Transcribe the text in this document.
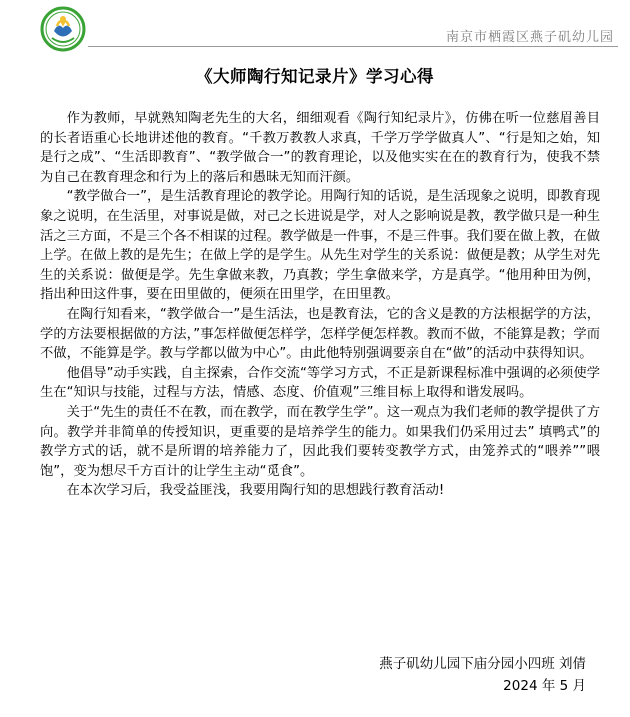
南京市栖霞区燕子矶幼儿园
《大师陶行知记录片》学习心得

作为教师，早就熟知陶老先生的大名，细细观看《陶行知纪录片》，仿佛在听一位慈眉善目的长者语重心长地讲述他的教育。“千教万教教人求真，千学万学学做真人”、“行是知之始，知是行之成”、“生活即教育”、“教学做合一”的教育理论，以及他实实在在的教育行为，使我不禁为自己在教育理念和行为上的落后和愚昧无知而汗颜。

“教学做合一”，是生活教育理论的教学论。用陶行知的话说，是生活现象之说明，即教育现象之说明，在生活里，对事说是做，对己之长进说是学，对人之影响说是教，教学做只是一种生活之三方面，不是三个各不相谋的过程。教学做是一件事，不是三件事。我们要在做上教，在做上学。在做上教的是先生；在做上学的是学生。从先生对学生的关系说：做便是教；从学生对先生的关系说：做便是学。先生拿做来教，乃真教；学生拿做来学，方是真学。“他用种田为例，指出种田这件事，要在田里做的，便须在田里学，在田里教。

在陶行知看来，“教学做合一”是生活法，也是教育法，它的含义是教的方法根据学的方法，学的方法要根据做的方法，”事怎样做便怎样学，怎样学便怎样教。教而不做，不能算是教；学而不做，不能算是学。教与学都以做为中心”。由此他特别强调要亲自在“做”的活动中获得知识。

他倡导”动手实践，自主探索，合作交流“等学习方式，不正是新课程标准中强调的必须使学生在“知识与技能，过程与方法，情感、态度、价值观”三维目标上取得和谐发展吗。

关于“先生的责任不在教，而在教学，而在教学生学”。这一观点为我们老师的教学提供了方向。教学并非简单的传授知识，更重要的是培养学生的能力。如果我们仍采用过去” 填鸭式”的教学方式的话，就不是所谓的培养能力了，因此我们要转变教学方式，由笼养式的“喂养””喂饱”，变为想尽千方百计的让学生主动“觅食”。

在本次学习后，我受益匪浅，我要用陶行知的思想践行教育活动!

燕子矶幼儿园下庙分园小四班 刘倩
2024 年 5 月
